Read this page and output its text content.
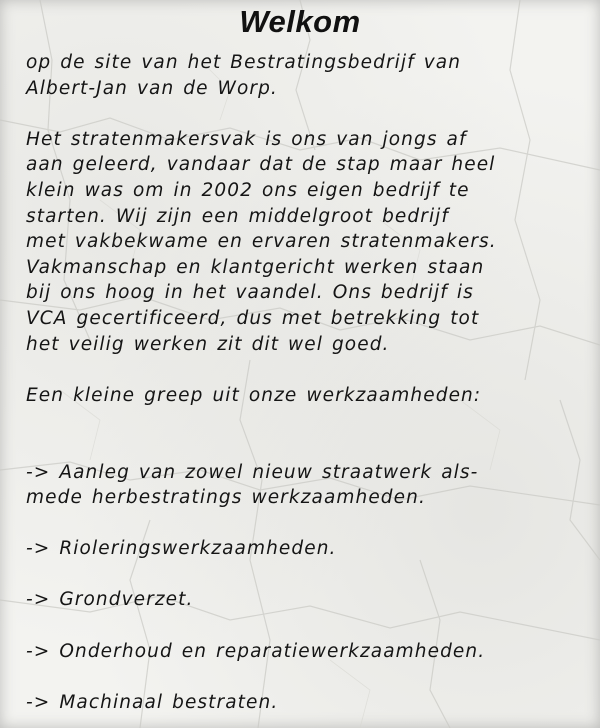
Welkom
op de site van het Bestratingsbedrijf van
Albert-Jan van de Worp.
Het stratenmakersvak is ons van jongs af
aan geleerd, vandaar dat de stap maar heel
klein was om in 2002 ons eigen bedrijf te
starten. Wij zijn een middelgroot bedrijf
met vakbekwame en ervaren stratenmakers.
Vakmanschap en klantgericht werken staan
bij ons hoog in het vaandel. Ons bedrijf is
VCA gecertificeerd, dus met betrekking tot
het veilig werken zit dit wel goed.
Een kleine greep uit onze werkzaamheden:
-> Aanleg van zowel nieuw straatwerk als-
mede herbestratings werkzaamheden.
-> Rioleringswerkzaamheden.
-> Grondverzet.
-> Onderhoud en reparatiewerkzaamheden.
-> Machinaal bestraten.
